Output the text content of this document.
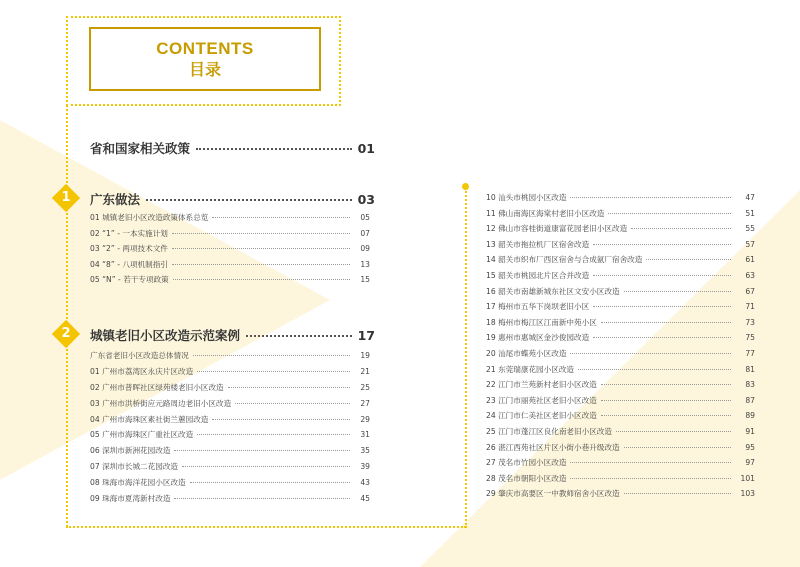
CONTENTS
目录
省和国家相关政策	01
1	广东做法	03
01 城镇老旧小区改造政策体系总览	05
02 “1” - 一本实施计划	07
03 “2” - 两项技术文件	09
04 “8” - 八项机制指引	13
05 “N” - 若干专项政策	15
2	城镇老旧小区改造示范案例	17
广东省老旧小区改造总体情况	19
01 广州市荔湾区永庆片区改造	21
02 广州市普晖社区绿苑楼老旧小区改造	25
03 广州市洪桥街应元路周边老旧小区改造	27
04 广州市海珠区素社街兰蕙园改造	29
05 广州市海珠区广重社区改造	31
06 深圳市新洲花园改造	35
07 深圳市长城二花园改造	39
08 珠海市海洋花园小区改造	43
09 珠海市夏湾新村改造	45
10 汕头市桃园小区改造	47
11 佛山南海区海棠村老旧小区改造	51
12 佛山市容桂街道康富花园老旧小区改造	55
13 韶关市拖拉机厂区宿舍改造	57
14 韶关市织布厂西区宿舍与合成氨厂宿舍改造	61
15 韶关市桃园北片区合并改造	63
16 韶关市南雄新城东社区文安小区改造	67
17 梅州市五华下岗坝老旧小区	71
18 梅州市梅江区江南新中苑小区	73
19 惠州市惠城区金沙俊园改造	75
20 汕尾市蝶苑小区改造	77
21 东莞瑞康花园小区改造	81
22 江门市兰苑新村老旧小区改造	83
23 江门市丽苑社区老旧小区改造	87
24 江门市仁美社区老旧小区改造	89
25 江门市蓬江区良化南老旧小区改造	91
26 湛江西苑社区片区小街小巷升级改造	95
27 茂名市竹园小区改造	97
28 茂名市朝阳小区改造	101
29 肇庆市高要区一中教师宿舍小区改造	103
